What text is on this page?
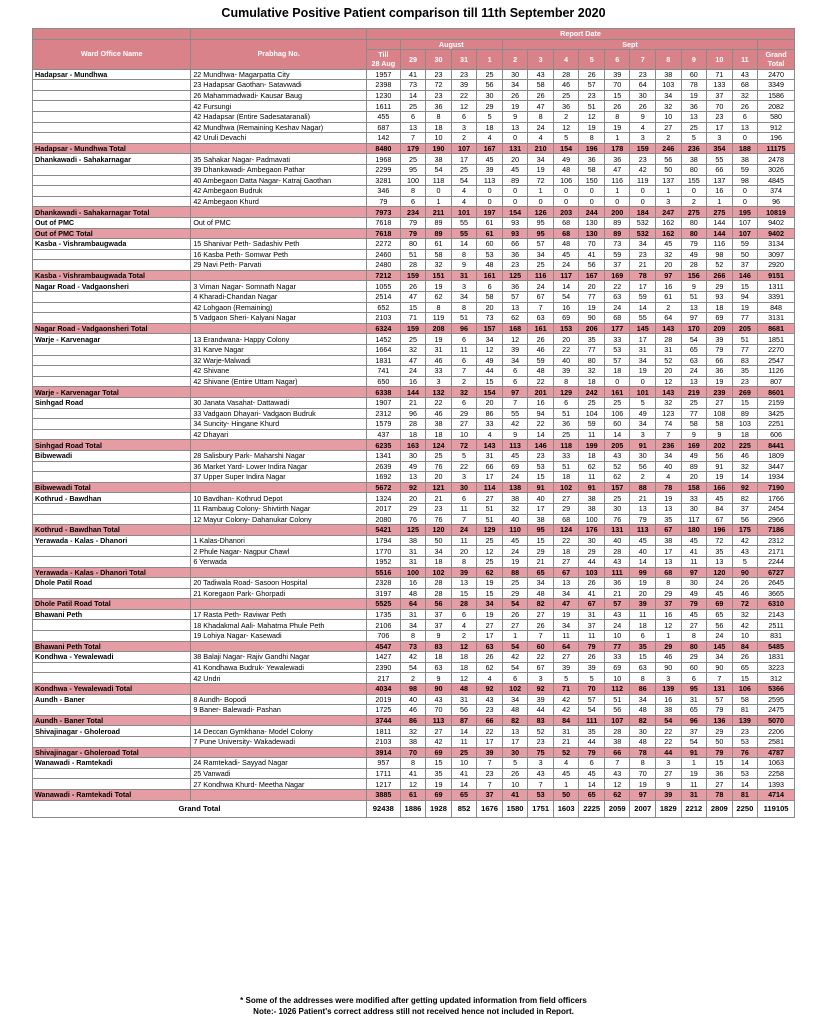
Cumulative Positive Patient comparison till 11th September 2020
		Report Date															
Ward Office Name	Prabhag No.		August				Sept										
		Till
28 Aug	29	30	31	1	2	3	4	5	6	7	8	9	10	11	Grand
Total
Hadapsar - Mundhwa	22 Mundhwa- Magarpatta City	1957	41	23	23	25	30	43	28	26	39	23	38	60	71	43	2470
	23 Hadapsar Gaothan- Satavwadi	2398	73	72	39	56	34	58	46	57	70	64	103	78	133	68	3349
	26 Mahammadwadi- Kausar Baug	1230	14	23	22	30	26	26	25	23	15	30	34	19	37	32	1586
	42 Fursungi	1611	25	36	12	29	19	47	36	51	26	26	32	36	70	26	2082
	42 Hadapsar (Entire Sadesataranali)	455	6	8	6	5	9	8	2	12	8	9	10	13	23	6	580
	42 Mundhwa (Remaining Keshav Nagar)	687	13	18	3	18	13	24	12	19	19	4	27	25	17	13	912
	42 Uruli Devachi	142	7	10	2	4	0	4	5	8	1	3	2	5	3	0	196
Hadapsar - Mundhwa Total		8480	179	190	107	167	131	210	154	196	178	159	246	236	354	188	11175
Dhankawadi - Sahakarnagar	35 Sahakar Nagar- Padmavati	1968	25	38	17	45	20	34	49	36	36	23	56	38	55	38	2478
	39 Dhankawadi- Ambegaon Pathar	2299	95	54	25	39	45	19	48	58	47	42	50	80	66	59	3026
	40 Ambegaon Datta Nagar- Katraj Gaothan	3281	100	118	54	113	89	72	106	150	116	119	137	155	137	98	4845
	42 Ambegaon Budruk	346	8	0	4	0	0	1	0	0	1	0	1	0	16	0	374
	42 Ambegaon Khurd	79	6	1	4	0	0	0	0	0	0	0	3	2	1	0	96
Dhankawadi - Sahakarnagar Total		7973	234	211	101	197	154	126	203	244	200	184	247	275	275	195	10819
Out of PMC	Out of PMC	7618	79	89	55	61	93	95	68	130	89	532	162	80	144	107	9402
Out of PMC Total		7618	79	89	55	61	93	95	68	130	89	532	162	80	144	107	9402
Kasba - Vishrambaugwada	15 Shanivar Peth- Sadashiv Peth	2272	80	61	14	60	66	57	48	70	73	34	45	79	116	59	3134
	16 Kasba Peth- Somwar Peth	2460	51	58	8	53	36	34	45	41	59	23	32	49	98	50	3097
	29 Navi Peth- Parvati	2480	28	32	9	48	23	25	24	56	37	21	20	28	52	37	2920
Kasba - Vishrambaugwada Total		7212	159	151	31	161	125	116	117	167	169	78	97	156	266	146	9151
Nagar Road - Vadgaonsheri	3 Viman Nagar- Somnath Nagar	1055	26	19	3	6	36	24	14	20	22	17	16	9	29	15	1311
	4 Kharadi-Chandan Nagar	2514	47	62	34	58	57	67	54	77	63	59	61	51	93	94	3391
	42 Lohgaon (Remaining)	652	15	8	8	20	13	7	16	19	24	14	2	13	18	19	848
	5 Vadgaon Sheri- Kalyani Nagar	2103	71	119	51	73	62	63	69	90	68	55	64	97	69	77	3131
Nagar Road - Vadgaonsheri Total		6324	159	208	96	157	168	161	153	206	177	145	143	170	209	205	8681
Warje - Karvenagar	13 Erandwana- Happy Colony	1452	25	19	6	34	12	26	20	35	33	17	28	54	39	51	1851
	31 Karve Nagar	1664	32	31	11	12	39	46	22	77	53	31	31	65	79	77	2270
	32 Warje-Malwadi	1831	47	46	6	49	34	59	40	80	57	34	52	63	66	83	2547
	42 Shivane	741	24	33	7	44	6	48	39	32	18	19	20	24	36	35	1126
	42 Shivane (Entire Uttam Nagar)	650	16	3	2	15	6	22	8	18	0	0	12	13	19	23	807
Warje - Karvenagar Total		6338	144	132	32	154	97	201	129	242	161	101	143	219	239	269	8601
Sinhgad Road	30 Janata Vasahat- Dattawadi	1907	21	22	6	20	7	16	6	25	25	5	32	25	27	15	2159
	33 Vadgaon Dhayari- Vadgaon Budruk	2312	96	46	29	86	55	94	51	104	106	49	123	77	108	89	3425
	34 Suncity- Hingane Khurd	1579	28	38	27	33	42	22	36	59	60	34	74	58	58	103	2251
	42 Dhayari	437	18	18	10	4	9	14	25	11	14	3	7	9	9	18	606
Sinhgad Road Total		6235	163	124	72	143	113	146	118	199	205	91	236	169	202	225	8441
Bibwewadi	28 Salisbury Park- Maharshi Nagar	1341	30	25	5	31	45	23	33	18	43	30	34	49	56	46	1809
	36 Market Yard- Lower Indira Nagar	2639	49	76	22	66	69	53	51	62	52	56	40	89	91	32	3447
	37 Upper Super Indira Nagar	1692	13	20	3	17	24	15	18	11	62	2	4	20	19	14	1934
Bibwewadi Total		5672	92	121	30	114	138	91	102	91	157	88	78	158	166	92	7190
Kothrud - Bawdhan	10 Bavdhan- Kothrud Depot	1324	20	21	6	27	38	40	27	38	25	21	19	33	45	82	1766
	11 Rambaug Colony- Shivtirth Nagar	2017	29	23	11	51	32	17	29	38	30	13	13	30	84	37	2454
	12 Mayur Colony- Dahanukar Colony	2080	76	76	7	51	40	38	68	100	76	79	35	117	67	56	2966
Kothrud - Bawdhan Total		5421	125	120	24	129	110	95	124	176	131	113	67	180	196	175	7186
Yerawada - Kalas - Dhanori	1 Kalas-Dhanori	1794	38	50	11	25	45	15	22	30	40	45	38	45	72	42	2312
	2 Phule Nagar- Nagpur Chawl	1770	31	34	20	12	24	29	18	29	28	40	17	41	35	43	2171
	6 Yerwada	1952	31	18	8	25	19	21	27	44	43	14	13	11	13	5	2244
Yerawada - Kalas - Dhanori Total		5516	100	102	39	62	88	65	67	103	111	99	68	97	120	90	6727
Dhole Patil Road	20 Tadiwala Road- Sasoon Hospital	2328	16	28	13	19	25	34	13	26	36	19	8	30	24	26	2645
	21 Koregaon Park- Ghorpadi	3197	48	28	15	15	29	48	34	41	21	20	29	49	45	46	3665
Dhole Patil Road Total		5525	64	56	28	34	54	82	47	67	57	39	37	79	69	72	6310
Bhawani Peth	17 Rasta Peth- Raviwar Peth	1735	31	37	6	19	26	27	19	31	43	11	16	45	65	32	2143
	18 Khadakmal Aali- Mahatma Phule Peth	2106	34	37	4	27	27	26	34	37	24	18	12	27	56	42	2511
	19 Lohiya Nagar- Kasewadi	706	8	9	2	17	1	7	11	11	10	6	1	8	24	10	831
Bhawani Peth Total		4547	73	83	12	63	54	60	64	79	77	35	29	80	145	84	5485
Kondhwa - Yewalewadi	38 Balaji Nagar- Rajiv Gandhi Nagar	1427	42	18	18	26	42	22	27	26	33	15	46	29	34	26	1831
	41 Kondhawa Budruk- Yewalewadi	2390	54	63	18	62	54	67	39	39	69	63	90	60	90	65	3223
	42 Undri	217	2	9	12	4	6	3	5	5	10	8	3	6	7	15	312
Kondhwa - Yewalewadi Total		4034	98	90	48	92	102	92	71	70	112	86	139	95	131	106	5366
Aundh - Baner	8 Aundh- Bopodi	2019	40	43	31	43	34	39	42	57	51	34	16	31	57	58	2595
	9 Baner- Balewadi- Pashan	1725	46	70	56	23	48	44	42	54	56	48	38	65	79	81	2475
Aundh - Baner Total		3744	86	113	87	66	82	83	84	111	107	82	54	96	136	139	5070
Shivajinagar - Gholeroad	14 Deccan Gymkhana- Model Colony	1811	32	27	14	22	13	52	31	35	28	30	22	37	29	23	2206
	7 Pune University- Wakadewadi	2103	38	42	11	17	17	23	21	44	38	48	22	54	50	53	2581
Shivajinagar - Gholeroad Total		3914	70	69	25	39	30	75	52	79	66	78	44	91	79	76	4787
Wanawadi - Ramtekadi	24 Ramtekadi- Sayyad Nagar	957	8	15	10	7	5	3	4	6	7	8	3	1	15	14	1063
	25 Vanwadi	1711	41	35	41	23	26	43	45	45	43	70	27	19	36	53	2258
	27 Kondhwa Khurd- Meetha Nagar	1217	12	19	14	7	10	7	1	14	12	19	9	11	27	14	1393
Wanawadi - Ramtekadi Total		3885	61	69	65	37	41	53	50	65	62	97	39	31	78	81	4714
Grand Total		92438	1886	1928	852	1676	1580	1751	1603	2225	2059	2007	1829	2212	2809	2250	119105
* Some of the addresses were modified after getting updated information from field officers
Note:- 1026 Patient's correct address still not received hence not included in Report.
